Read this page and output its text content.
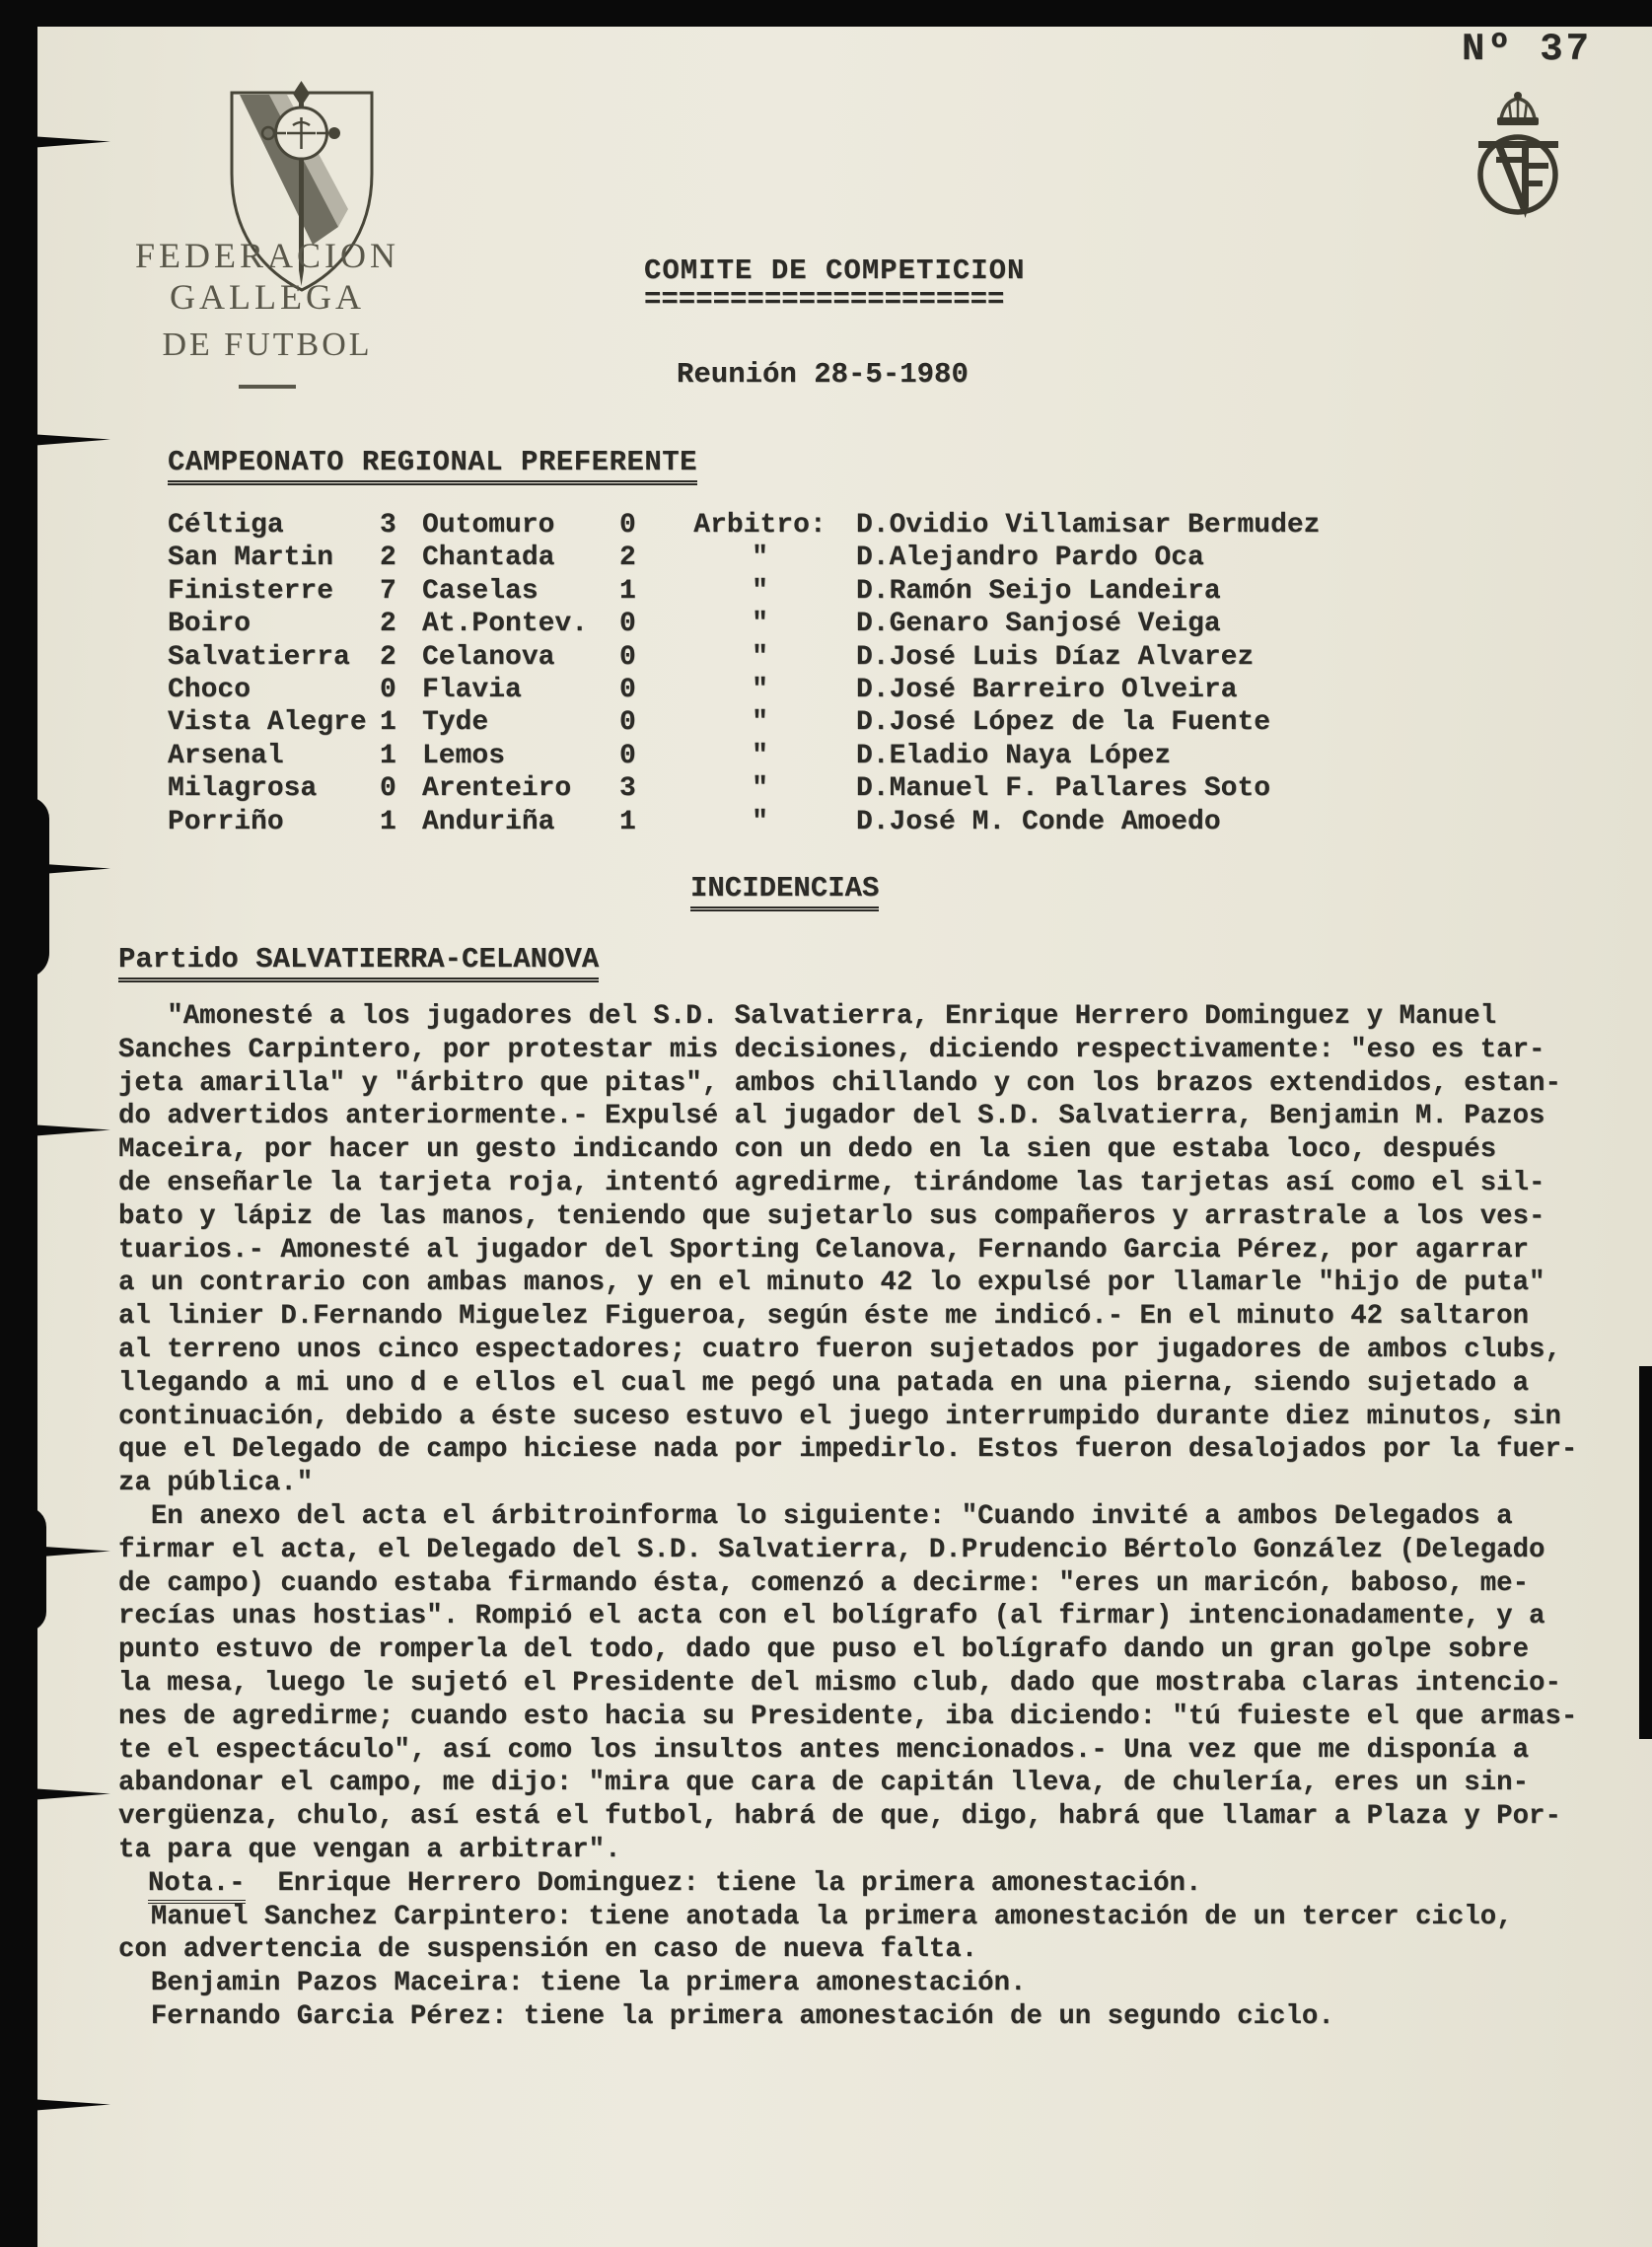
Nº 37
FEDERACION GALLEGA
DE FUTBOL
COMITE DE COMPETICION
=====================
Reunión 28-5-1980
CAMPEONATO REGIONAL PREFERENTE
Céltiga	3 Outomuro	0	Arbitro:	D.Ovidio Villamisar Bermudez
San Martin	2 Chantada	2	"	D.Alejandro Pardo Oca
Finisterre	7 Caselas	1	"	D.Ramón Seijo Landeira
Boiro	2 At.Pontev.	0	"	D.Genaro Sanjosé Veiga
Salvatierra	2 Celanova	0	"	D.José Luis Díaz Alvarez
Choco	0 Flavia	0	"	D.José Barreiro Olveira
Vista Alegre 1 Tyde	0	"	D.José López de la Fuente
Arsenal	1 Lemos	0	"	D.Eladio Naya López
Milagrosa	0 Arenteiro	3	"	D.Manuel F. Pallares Soto
Porriño	1 Anduriña	1	"	D.José M. Conde Amoedo
INCIDENCIAS
Partido SALVATIERRA-CELANOVA
"Amonesté a los jugadores del S.D. Salvatierra, Enrique Herrero Dominguez y Manuel
Sanches Carpintero, por protestar mis decisiones, diciendo respectivamente: "eso es tar-
jeta amarilla" y "árbitro que pitas", ambos chillando y con los brazos extendidos, estan-
do advertidos anteriormente.- Expulsé al jugador del S.D. Salvatierra, Benjamin M. Pazos
Maceira, por hacer un gesto indicando con un dedo en la sien que estaba loco, después
de enseñarle la tarjeta roja, intentó agredirme, tirándome las tarjetas así como el sil-
bato y lápiz de las manos, teniendo que sujetarlo sus compañeros y arrastrale a los ves-
tuarios.- Amonesté al jugador del Sporting Celanova, Fernando Garcia Pérez, por agarrar
a un contrario con ambas manos, y en el minuto 42 lo expulsé por llamarle "hijo de puta"
al linier D.Fernando Miguelez Figueroa, según éste me indicó.- En el minuto 42 saltaron
al terreno unos cinco espectadores; cuatro fueron sujetados por jugadores de ambos clubs,
llegando a mi uno d e ellos el cual me pegó una patada en una pierna, siendo sujetado a
continuación, debido a éste suceso estuvo el juego interrumpido durante diez minutos, sin
que el Delegado de campo hiciese nada por impedirlo. Estos fueron desalojados por la fuer-
za pública."
En anexo del acta el árbitroinforma lo siguiente: "Cuando invité a ambos Delegados a
firmar el acta, el Delegado del S.D. Salvatierra, D.Prudencio Bértolo González (Delegado
de campo) cuando estaba firmando ésta, comenzó a decirme: "eres un maricón, baboso, me-
recías unas hostias". Rompió el acta con el bolígrafo (al firmar) intencionadamente, y a
punto estuvo de romperla del todo, dado que puso el bolígrafo dando un gran golpe sobre
la mesa, luego le sujetó el Presidente del mismo club, dado que mostraba claras intencio-
nes de agredirme; cuando esto hacia su Presidente, iba diciendo: "tú fuieste el que armas-
te el espectáculo", así como los insultos antes mencionados.- Una vez que me disponía a
abandonar el campo, me dijo: "mira que cara de capitán lleva, de chulería, eres un sin-
vergüenza, chulo, así está el futbol, habrá de que, digo, habrá que llamar a Plaza y Por-
ta para que vengan a arbitrar".
Nota.-  Enrique Herrero Dominguez: tiene la primera amonestación.
Manuel Sanchez Carpintero: tiene anotada la primera amonestación de un tercer ciclo,
con advertencia de suspensión en caso de nueva falta.
Benjamin Pazos Maceira: tiene la primera amonestación.
Fernando Garcia Pérez: tiene la primera amonestación de un segundo ciclo.
